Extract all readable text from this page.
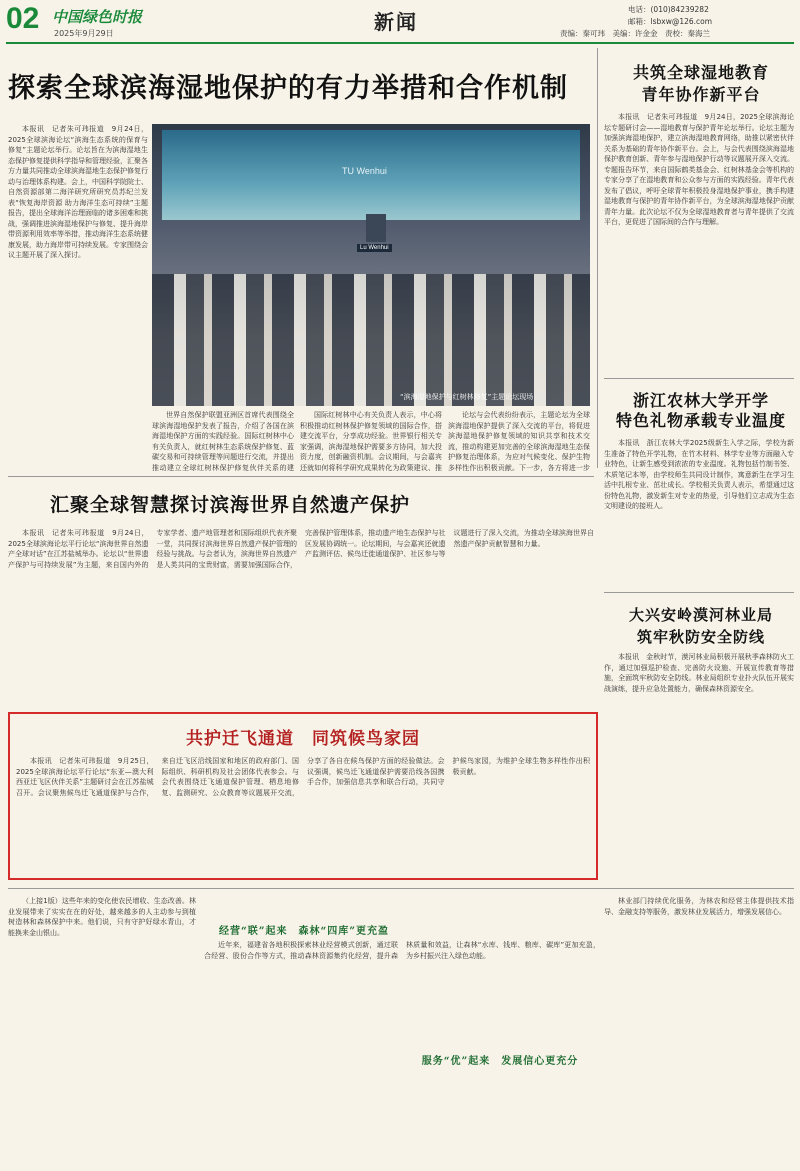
02 中国绿色时报
2025年9月29日	新闻
电话：(010)84239282
邮箱：lsbxw@126.com
责编：秦可玮　美编：许金金　责校：秦海兰
探索全球滨海湿地保护的有力举措和合作机制

本报讯　记者朱可玮报道　9月24日，2025全球滨海论坛“滨海生态系统的保育与修复”主题论坛举行。论坛旨在为滨海湿地生态保护修复提供科学指导和管理经验，汇聚各方力量共同推动全球滨海湿地生态保护修复行动与治理体系构建。会上，中国科学院院士、自然资源部第二海洋研究所研究员苏纪兰发表“恢复海岸资源 助力海洋生态可持续”主题报告，提出全球海洋治理面临的诸多困难和挑战，强调推进滨海湿地保护与修复、提升海岸带资源利用效率等举措，推动海洋生态系统健康发展，助力海岸带可持续发展。专家围绕会议主题开展了深入探讨。

TU Wenhui
Lu Wenhui
“滨海湿地保护与红树林修复”主题论坛现场

世界自然保护联盟亚洲区首席代表围绕全球滨海湿地保护发表了报告，介绍了各国在滨海湿地保护方面的实践经验。国际红树林中心有关负责人，就红树林生态系统保护修复、蓝碳交易和可持续管理等问题进行交流，并提出推动建立全球红树林保护修复伙伴关系的建

国际红树林中心有关负责人表示，中心将积极推动红树林保护修复领域的国际合作，搭建交流平台，分享成功经验。世界银行相关专家强调，滨海湿地保护需要多方协同，加大投资力度，创新融资机制。会议期间，与会嘉宾还就如何将科学研究成果转化为政策建议、推

论坛与会代表纷纷表示，主题论坛为全球滨海湿地保护提供了深入交流的平台，将促进滨海湿地保护修复领域的知识共享和技术交流，推动构建更加完善的全球滨海湿地生态保护修复治理体系，为应对气候变化、保护生物多样性作出积极贡献。下一步，各方将进一步

共筑全球湿地教育
青年协作新平台

本报讯　记者朱可玮报道　9月24日，2025全球滨海论坛专题研讨会——湿地教育与保护青年论坛举行。论坛主题为加强滨海湿地保护，建立滨海湿地教育网络，助推以紧密伙伴关系为基础的青年协作新平台。会上，与会代表围绕滨海湿地保护教育创新、青年参与湿地保护行动等议题展开深入交流。专题报告环节，来自国际鹤类基金会、红树林基金会等机构的专家分享了在湿地教育和公众参与方面的实践经验。青年代表发布了倡议，呼吁全球青年积极投身湿地保护事业，携手构建湿地教育与保护的青年协作新平台，为全球滨海湿地保护贡献青年力量。此次论坛不仅为全球湿地教育者与青年提供了交流平台，更促进了国际间的合作与理解。

浙江农林大学开学
特色礼物承载专业温度

本报讯　浙江农林大学2025级新生入学之际，学校为新生准备了特色开学礼物，在竹木材料、林学专业等方面融入专业特色，让新生感受到浓浓的专业温度。礼物包括竹制书签、木质笔记本等，由学校师生共同设计制作，寓意新生在学习生活中扎根专业、茁壮成长。学校相关负责人表示，希望通过这份特色礼物，激发新生对专业的热爱，引导他们立志成为生态文明建设的接班人。

大兴安岭漠河林业局
筑牢秋防安全防线

本报讯　金秋时节，漠河林业局积极开展秋季森林防火工作，通过加强巡护检查、完善防火设施、开展宣传教育等措施，全面筑牢秋防安全防线。林业局组织专业扑火队伍开展实战演练，提升应急处置能力，确保森林资源安全。

汇聚全球智慧探讨滨海世界自然遗产保护

本报讯　记者朱可玮报道　9月24日，2025全球滨海论坛平行论坛“滨海世界自然遗产全球对话”在江苏盐城举办。论坛以“世界遗产保护与可持续发展”为主题，来自国内外的专家学者、遗产地管理者和国际组织代表齐聚一堂，共同探讨滨海世界自然遗产保护管理的经验与挑战。与会者认为，滨海世界自然遗产是人类共同的宝贵财富，需要加强国际合作，完善保护管理体系，推动遗产地生态保护与社区发展协调统一。论坛期间，与会嘉宾还就遗产监测评估、候鸟迁徙通道保护、社区参与等议题进行了深入交流，为推动全球滨海世界自然遗产保护贡献智慧和力量。

共护迁飞通道　同筑候鸟家园

本报讯　记者朱可玮报道　9月25日，2025全球滨海论坛平行论坛“东亚—澳大利西亚迁飞区伙伴关系”主题研讨会在江苏盐城召开。会议聚焦候鸟迁飞通道保护与合作，来自迁飞区沿线国家和地区的政府部门、国际组织、科研机构及社会团体代表参会。与会代表围绕迁飞通道保护管理、栖息地修复、监测研究、公众教育等议题展开交流，分享了各自在候鸟保护方面的经验做法。会议强调，候鸟迁飞通道保护需要沿线各国携手合作，加强信息共享和联合行动，共同守护候鸟家园，为维护全球生物多样性作出积极贡献。

（上接1版）这些年来的变化使农民增收、生态改善。林业发展带来了实实在在的好处，越来越多的人主动参与到植树造林和森林保护中来。他们说，只有守护好绿水青山，才能换来金山银山。	经营“联”起来　森林“四库”更充盈

近年来，福建省各地积极探索林业经营模式创新，通过联合经营、股份合作等方式，推动森林资源集约化经营，提升森林质量和效益，让森林“水库、钱库、粮库、碳库”更加充盈，为乡村振兴注入绿色动能。

服务“优”起来　发展信心更充分

林业部门持续优化服务，为林农和经营主体提供技术指导、金融支持等服务，激发林业发展活力，增强发展信心。
